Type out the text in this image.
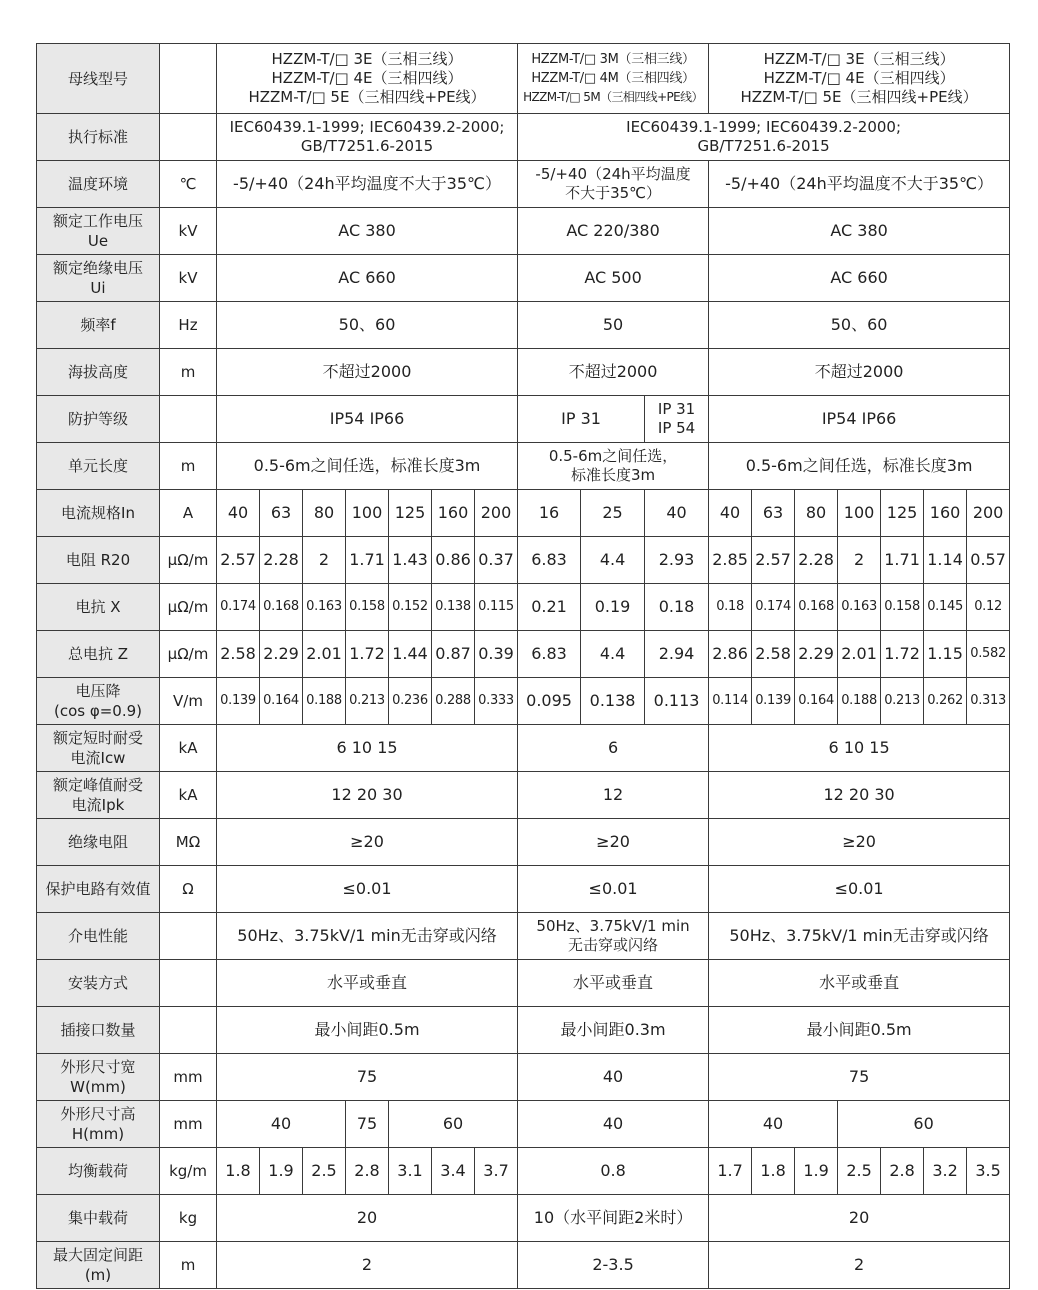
母线型号		HZZM-T/□ 3E（三相三线）
HZZM-T/□ 4E（三相四线）
HZZM-T/□ 5E（三相四线+PE线）							HZZM-T/□ 3M（三相三线）
HZZM-T/□ 4M（三相四线）
HZZM-T/□ 5M（三相四线+PE线）			HZZM-T/□ 3E（三相三线）
HZZM-T/□ 4E（三相四线）
HZZM-T/□ 5E（三相四线+PE线）						

执行标准		IEC60439.1-1999; IEC60439.2-2000;
GB/T7251.6-2015							IEC60439.1-1999; IEC60439.2-2000;
GB/T7251.6-2015									

温度环境	℃	-5/+40（24h平均温度不大于35℃）							-5/+40（24h平均温度
不大于35℃）			-5/+40（24h平均温度不大于35℃）						

额定工作电压
Ue	kV	AC 380							AC 220/380			AC 380						

额定绝缘电压
Ui	kV	AC 660							AC 500			AC 660						
频率f	Hz	50、60							50			50、60						
海拔高度	m	不超过2000							不超过2000			不超过2000						
防护等级		IP54 IP66							IP 31		IP 31
IP 54	IP54 IP66						
单元长度	m	0.5-6m之间任选，标准长度3m							0.5-6m之间任选，
标准长度3m			0.5-6m之间任选，标准长度3m						
电流规格In	A	40	63	80	100	125	160	200	16	25	40	40	63	80	100	125	160	200
电阻 R20	μΩ/m	2.57	2.28	2	1.71	1.43	0.86	0.37	6.83	4.4	2.93	2.85	2.57	2.28	2	1.71	1.14	0.57
电抗 X	μΩ/m	0.174	0.168	0.163	0.158	0.152	0.138	0.115	0.21	0.19	0.18	0.18	0.174	0.168	0.163	0.158	0.145	0.12
总电抗 Z	μΩ/m	2.58	2.29	2.01	1.72	1.44	0.87	0.39	6.83	4.4	2.94	2.86	2.58	2.29	2.01	1.72	1.15	0.582

电压降
(cos φ=0.9)	V/m	0.139	0.164	0.188	0.213	0.236	0.288	0.333	0.095	0.138	0.113	0.114	0.139	0.164	0.188	0.213	0.262	0.313

额定短时耐受
电流Icw	kA	6 10 15							6			6 10 15						

额定峰值耐受
电流Ipk	kA	12 20 30							12			12 20 30						
绝缘电阻	MΩ	≥20							≥20			≥20						
保护电路有效值	Ω	≤0.01							≤0.01			≤0.01						
介电性能		50Hz、3.75kV/1 min无击穿或闪络							50Hz、3.75kV/1 min
无击穿或闪络			50Hz、3.75kV/1 min无击穿或闪络						
安装方式		水平或垂直							水平或垂直			水平或垂直						
插接口数量		最小间距0.5m							最小间距0.3m			最小间距0.5m						

外形尺寸宽
W(mm)	mm	75							40			75						

外形尺寸高
H(mm)	mm	40			75	60			40			40			60			
均衡载荷	kg/m	1.8	1.9	2.5	2.8	3.1	3.4	3.7	0.8			1.7	1.8	1.9	2.5	2.8	3.2	3.5
集中载荷	kg	20							10（水平间距2米时）			20						

最大固定间距
(m)	m	2							2-3.5			2						
